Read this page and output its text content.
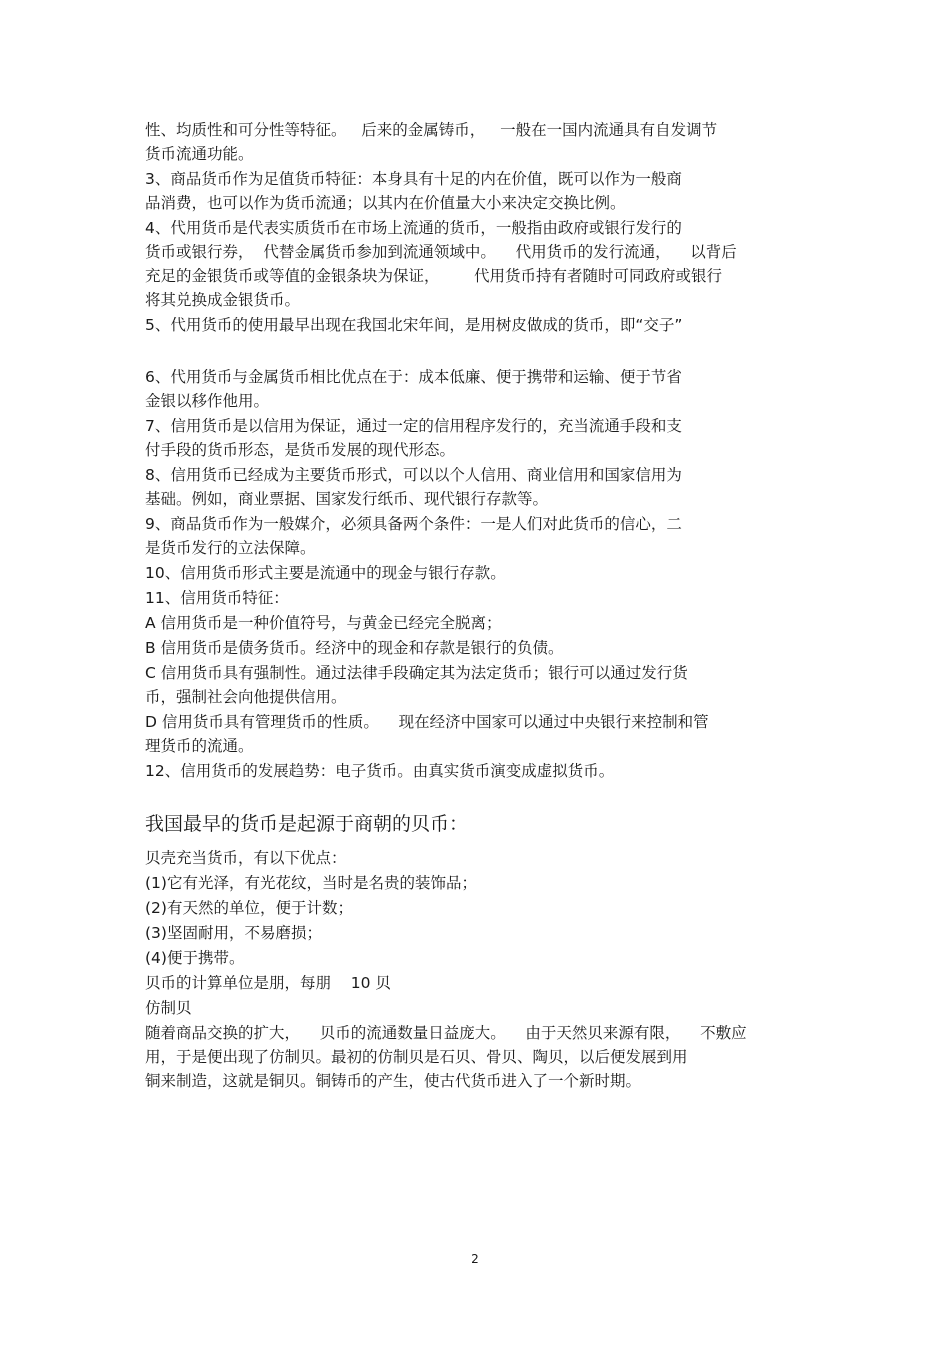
性、均质性和可分性等特征。   后来的金属铸币，   一般在一国内流通具有自发调节
货币流通功能。
3、商品货币作为足值货币特征：本身具有十足的内在价值，既可以作为一般商
品消费，也可以作为货币流通；以其内在价值量大小来决定交换比例。
4、代用货币是代表实质货币在市场上流通的货币，一般指由政府或银行发行的
货币或银行券，  代替金属货币参加到流通领域中。    代用货币的发行流通，    以背后
充足的金银货币或等值的金银条块为保证，       代用货币持有者随时可同政府或银行
将其兑换成金银货币。
5、代用货币的使用最早出现在我国北宋年间，是用树皮做成的货币，即“交子”
6、代用货币与金属货币相比优点在于：成本低廉、便于携带和运输、便于节省
金银以移作他用。
7、信用货币是以信用为保证，通过一定的信用程序发行的，充当流通手段和支
付手段的货币形态，是货币发展的现代形态。
8、信用货币已经成为主要货币形式，可以以个人信用、商业信用和国家信用为
基础。例如，商业票据、国家发行纸币、现代银行存款等。
9、商品货币作为一般媒介，必须具备两个条件：一是人们对此货币的信心，二
是货币发行的立法保障。
10、信用货币形式主要是流通中的现金与银行存款。
11、信用货币特征：
A 信用货币是一种价值符号，与黄金已经完全脱离；
B 信用货币是债务货币。经济中的现金和存款是银行的负债。
C 信用货币具有强制性。通过法律手段确定其为法定货币；银行可以通过发行货
币，强制社会向他提供信用。
D 信用货币具有管理货币的性质。    现在经济中国家可以通过中央银行来控制和管
理货币的流通。
12、信用货币的发展趋势：电子货币。由真实货币演变成虚拟货币。
我国最早的货币是起源于商朝的贝币：
贝壳充当货币，有以下优点：
(1)它有光泽，有光花纹，当时是名贵的装饰品；
(2)有天然的单位，便于计数；
(3)坚固耐用，不易磨损；
(4)便于携带。
贝币的计算单位是朋，每朋    10 贝
仿制贝
随着商品交换的扩大，    贝币的流通数量日益庞大。    由于天然贝来源有限，    不敷应
用，于是便出现了仿制贝。最初的仿制贝是石贝、骨贝、陶贝，以后便发展到用
铜来制造，这就是铜贝。铜铸币的产生，使古代货币进入了一个新时期。
2
